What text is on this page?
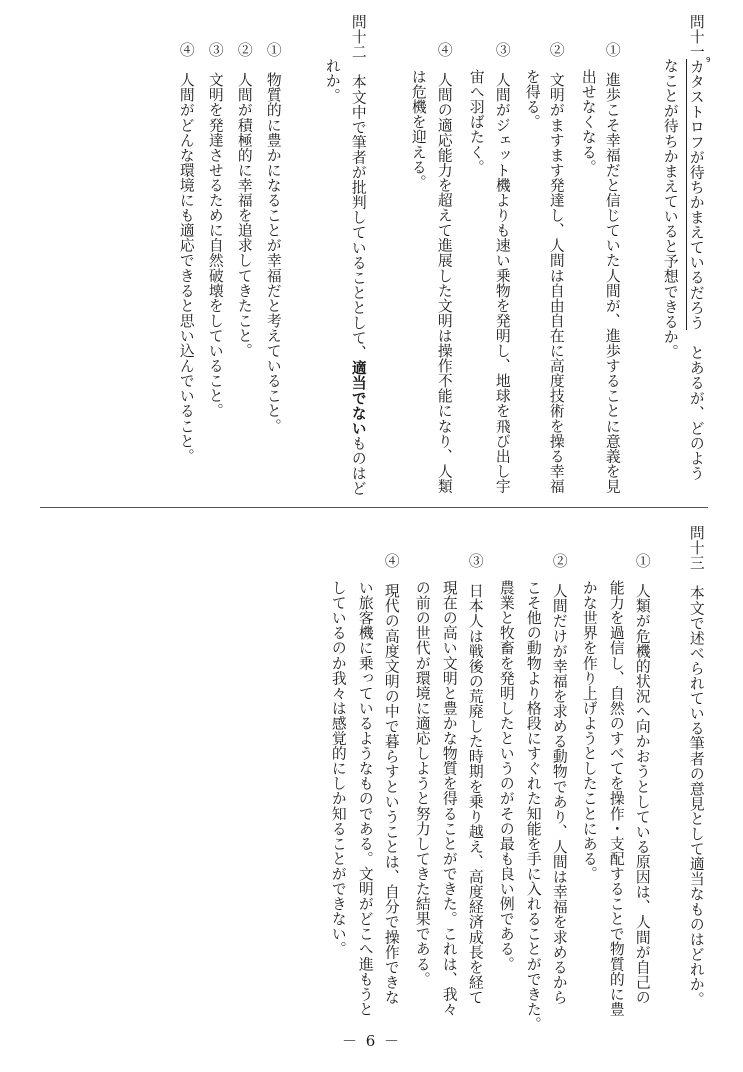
問十一カタストロフが待ちかまえているだろう　とあるが、どのよう
9
なことが待ちかまえていると予想できるか。
①　進歩こそ幸福だと信じていた人間が、進歩することに意義を見
出せなくなる。
②　文明がますます発達し、人間は自由自在に高度技術を操る幸福
を得る。
③　人間がジェット機よりも速い乗物を発明し、地球を飛び出し宇
宙へ羽ばたく。
④　人間の適応能力を超えて進展した文明は操作不能になり、人類
は危機を迎える。
問十二　本文中で筆者が批判していることとして、適当でないものはど
れか。
①　物質的に豊かになることが幸福だと考えていること。
②　人間が積極的に幸福を追求してきたこと。
③　文明を発達させるために自然破壊をしていること。
④　人間がどんな環境にも適応できると思い込んでいること。
問十三　本文で述べられている筆者の意見として適当なものはどれか。
①　人類が危機的状況へ向かおうとしている原因は、人間が自己の
能力を過信し、自然のすべてを操作・支配することで物質的に豊
かな世界を作り上げようとしたことにある。
②　人間だけが幸福を求める動物であり、人間は幸福を求めるから
こそ他の動物より格段にすぐれた知能を手に入れることができた。
農業と牧畜を発明したというのがその最も良い例である。
③　日本人は戦後の荒廃した時期を乗り越え、高度経済成長を経て
現在の高い文明と豊かな物質を得ることができた。これは、我々
の前の世代が環境に適応しようと努力してきた結果である。
④　現代の高度文明の中で暮らすということは、自分で操作できな
い旅客機に乗っているようなものである。文明がどこへ進もうと
しているのか我々は感覚的にしか知ることができない。
－ 6 －
